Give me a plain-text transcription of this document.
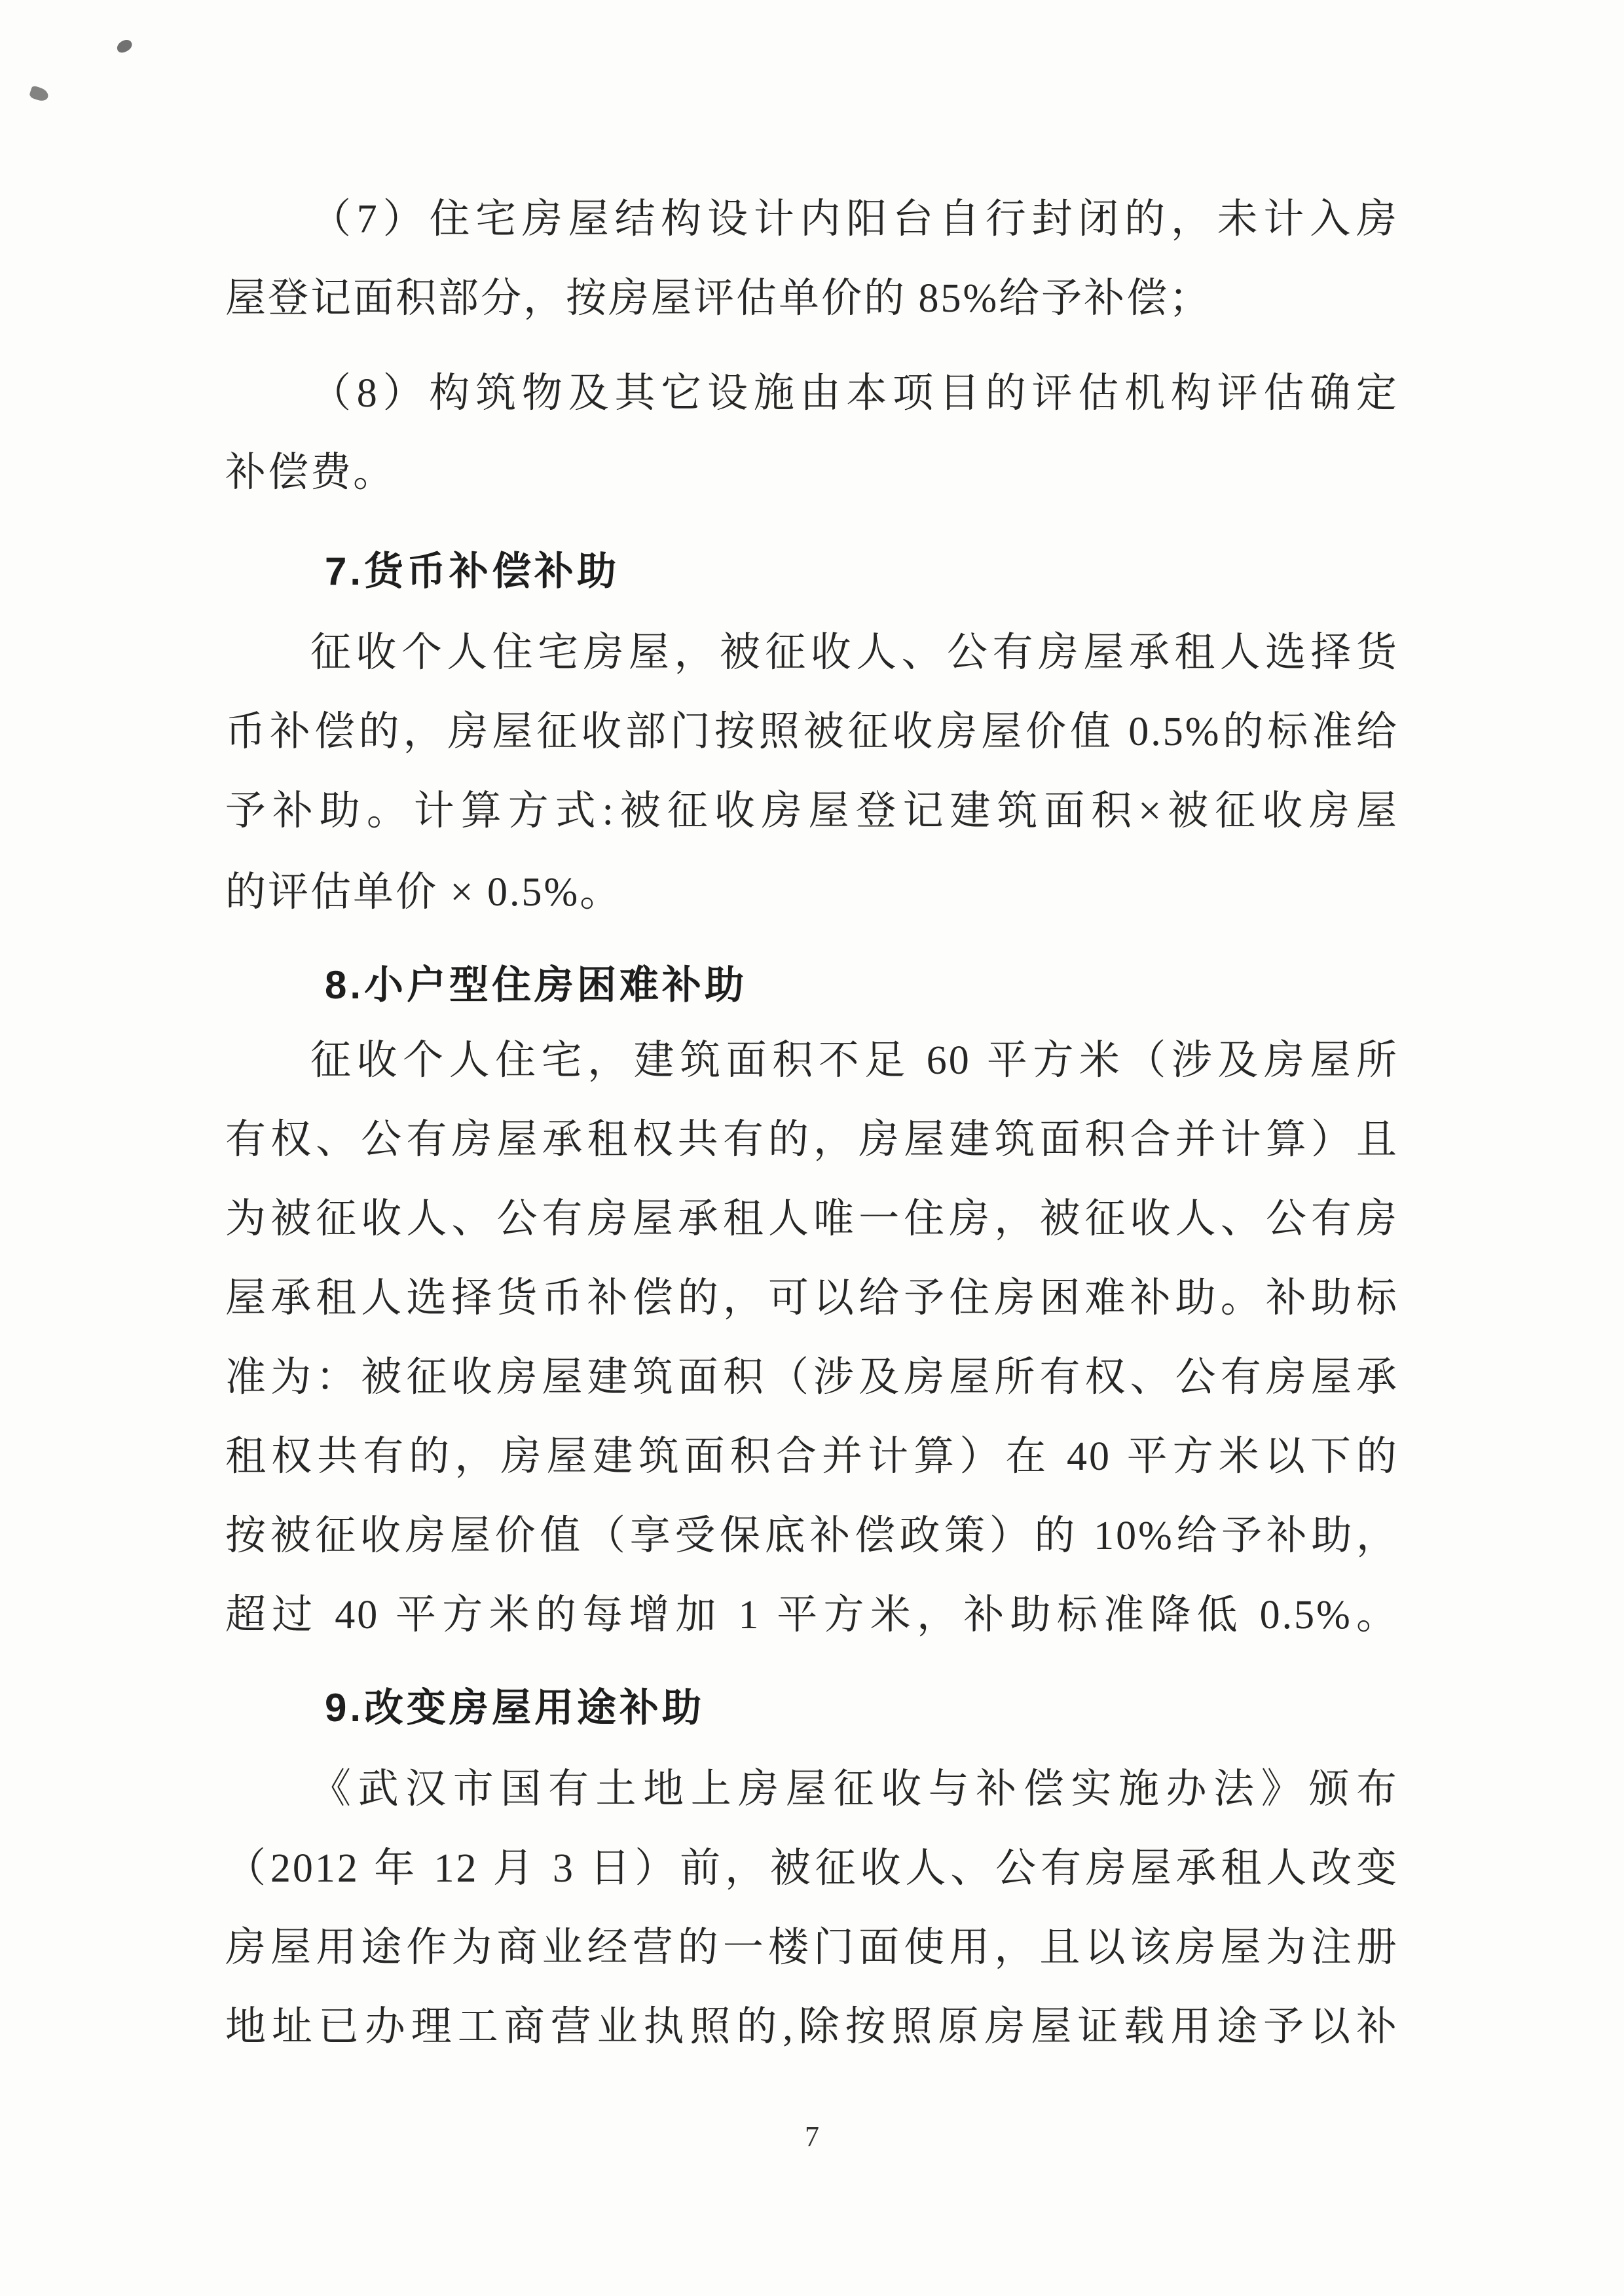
（7）住宅房屋结构设计内阳台自行封闭的，未计入房
屋登记面积部分，按房屋评估单价的 85%给予补偿；
（8）构筑物及其它设施由本项目的评估机构评估确定
补偿费。
7.货币补偿补助
征收个人住宅房屋，被征收人、公有房屋承租人选择货
币补偿的，房屋征收部门按照被征收房屋价值 0.5%的标准给
予补助。计算方式:被征收房屋登记建筑面积×被征收房屋
的评估单价 × 0.5%。
8.小户型住房困难补助
征收个人住宅，建筑面积不足 60 平方米（涉及房屋所
有权、公有房屋承租权共有的，房屋建筑面积合并计算）且
为被征收人、公有房屋承租人唯一住房，被征收人、公有房
屋承租人选择货币补偿的，可以给予住房困难补助。补助标
准为：被征收房屋建筑面积（涉及房屋所有权、公有房屋承
租权共有的，房屋建筑面积合并计算）在 40 平方米以下的
按被征收房屋价值（享受保底补偿政策）的 10%给予补助，
超过 40 平方米的每增加 1 平方米，补助标准降低 0.5%。
9.改变房屋用途补助
《武汉市国有土地上房屋征收与补偿实施办法》颁布
（2012 年 12 月 3 日）前，被征收人、公有房屋承租人改变
房屋用途作为商业经营的一楼门面使用，且以该房屋为注册
地址已办理工商营业执照的,除按照原房屋证载用途予以补
7
